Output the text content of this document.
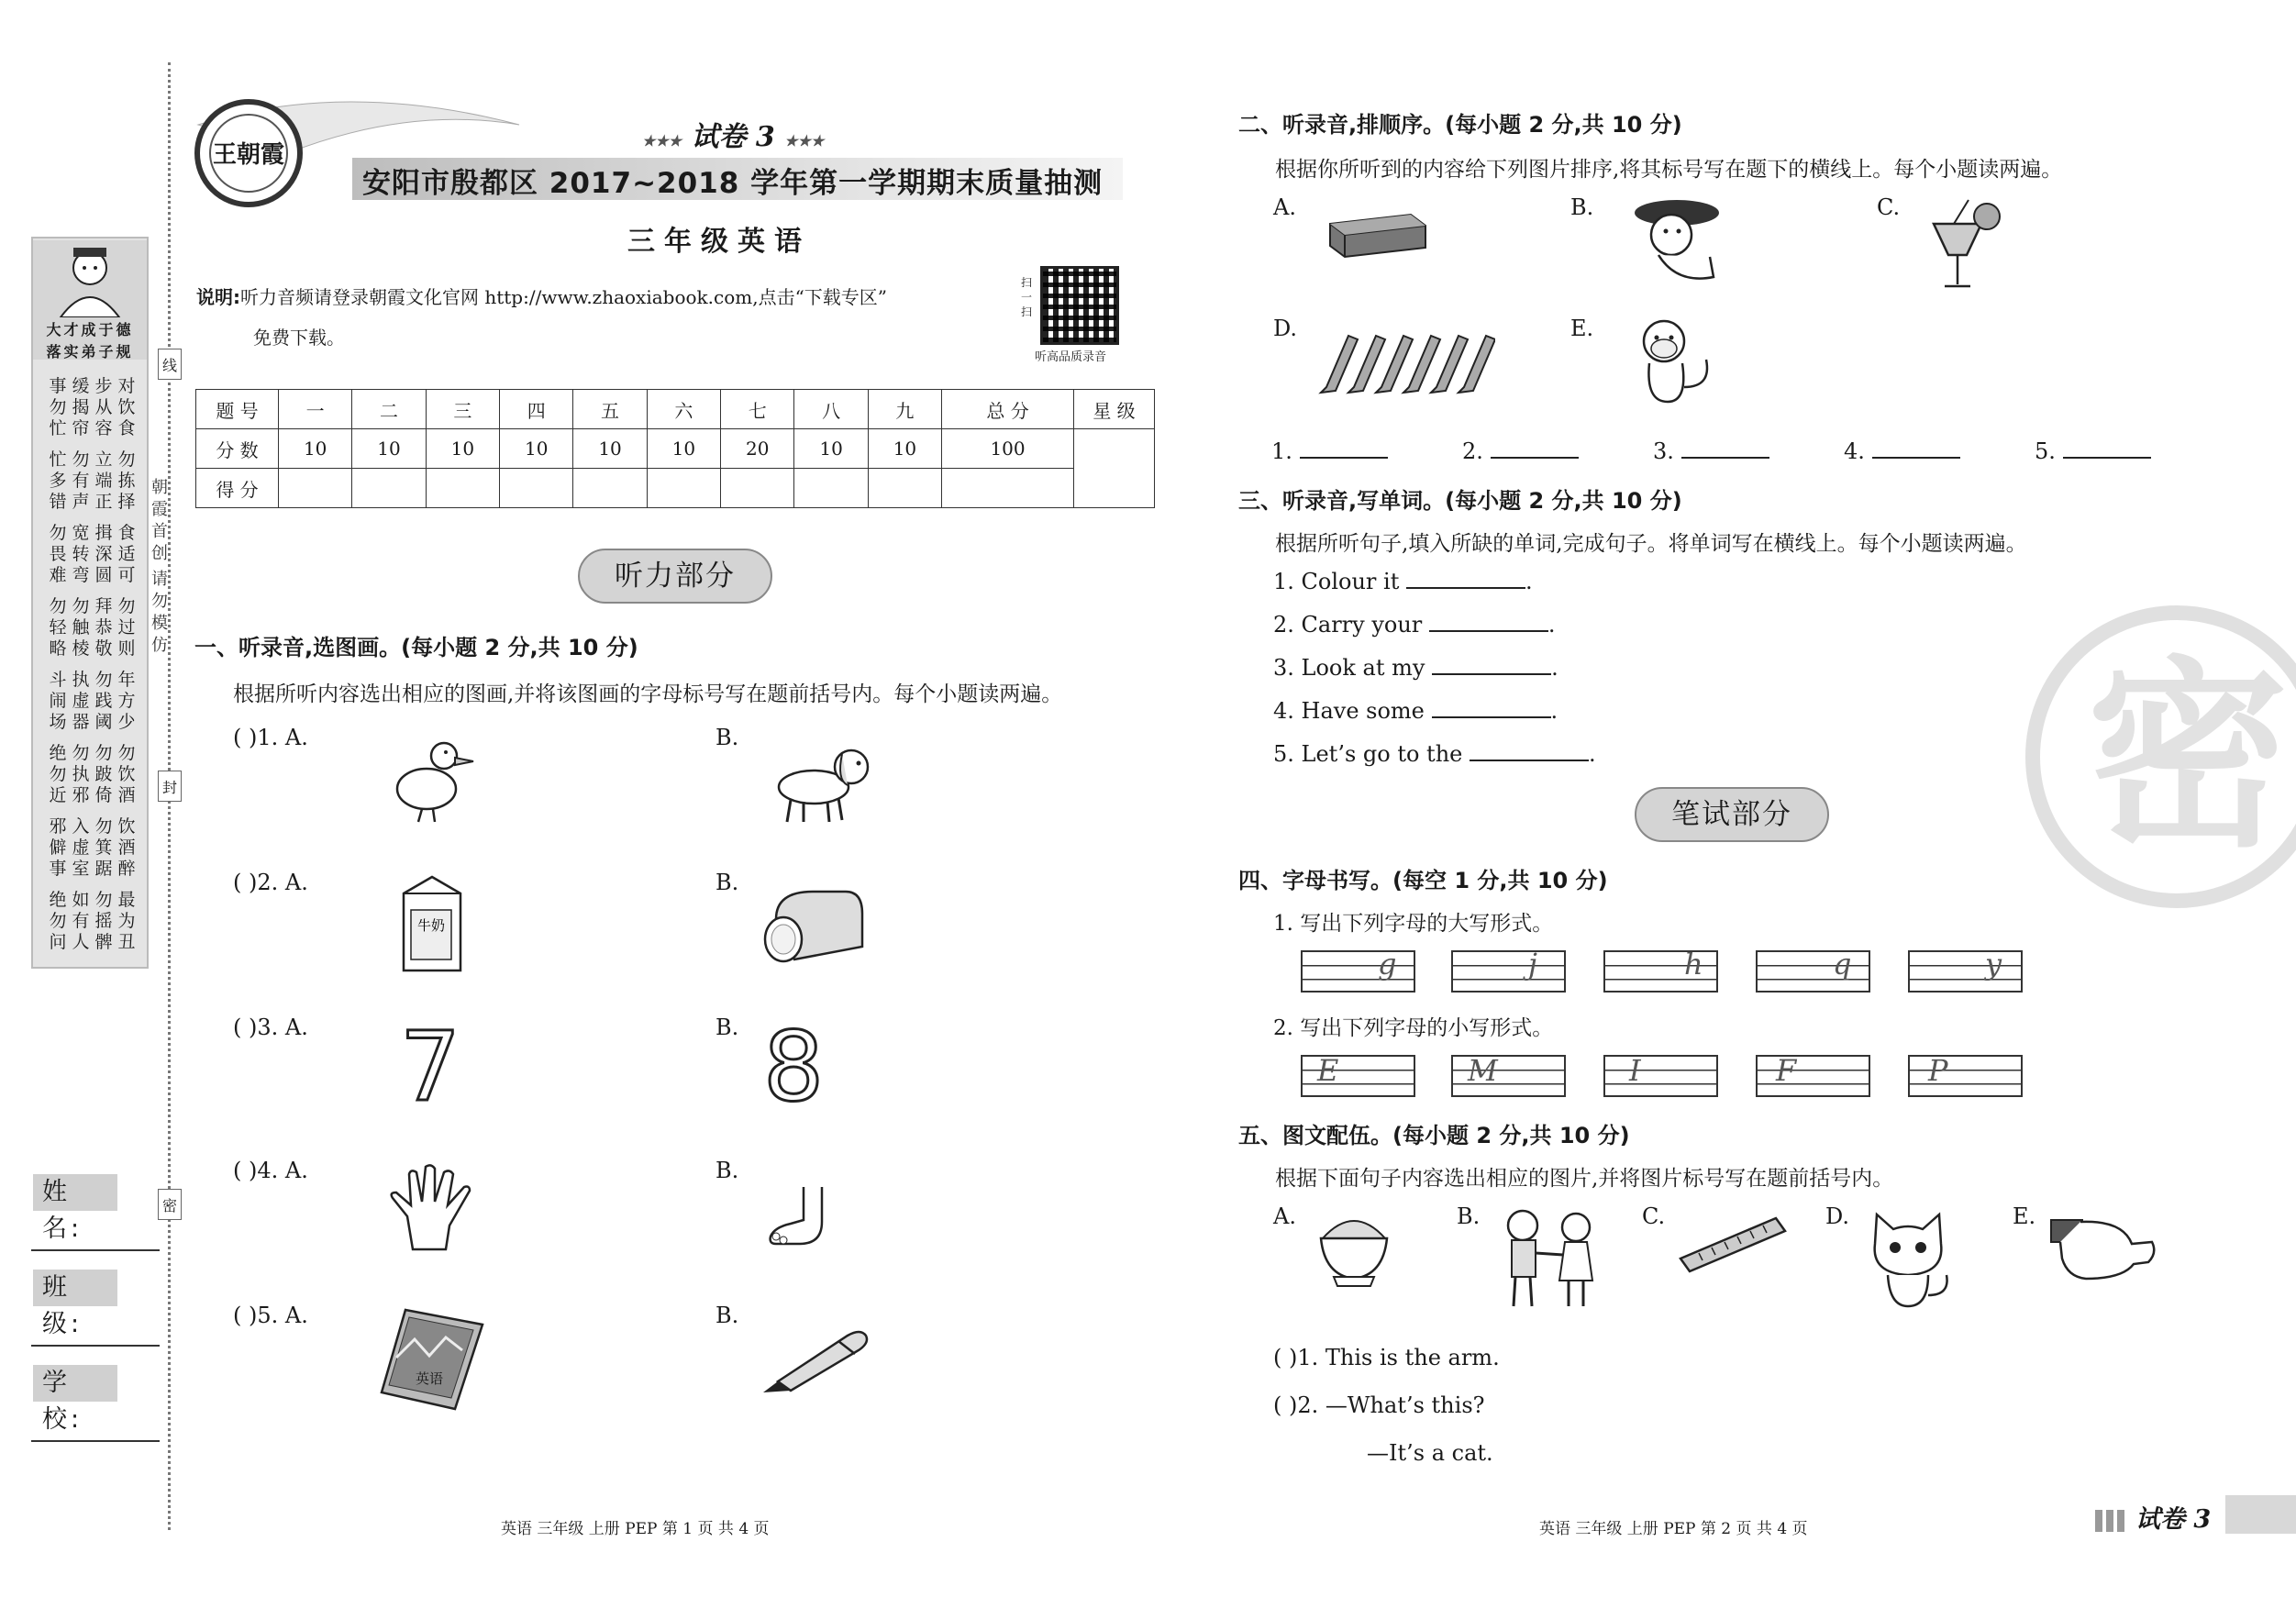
大才成于德
落实弟子规
事勿忙
缓揭帘
步从容
对饮食
忙多错
勿有声
立端正
勿拣择
勿畏难
宽转弯
揖深圆
食适可
勿轻略
勿触棱
拜恭敬
勿过则
斗闹场
执虚器
勿践阈
年方少
绝勿近
勿执邪
勿跛倚
勿饮酒
邪僻事
入虚室
勿箕踞
饮酒醉
绝勿问
如有人
勿摇髀
最为丑
线
封
密
朝霞首创
请勿模仿
姓 名:
班 级:
学 校:
王朝霞
★★★ 试卷 3 ★★★
安阳市殷都区 2017~2018 学年第一学期期末质量抽测
三年级英语
说明:听力音频请登录朝霞文化官网 http://www.zhaoxiabook.com,点击“下载专区”
免费下载。
扫一扫
听高品质录音
题 号	一	二	三	四	五	六	七	八	九	总 分	星 级
分 数	10	10	10	10	10	10	20	10	10	100	
得 分											
听力部分
一、听录音,选图画。(每小题 2 分,共 10 分)
根据所听内容选出相应的图画,并将该图画的字母标号写在题前括号内。每个小题读两遍。
( )1. A.	B.
( )2. A.	B.
牛奶
( )3. A.	B.
7	8
( )4. A.	B.
( )5. A.	B.
英语
英语 三年级 上册 PEP 第 1 页 共 4 页
密
二、听录音,排顺序。(每小题 2 分,共 10 分)
根据你所听到的内容给下列图片排序,将其标号写在题下的横线上。每个小题读两遍。
A.	B.	C.
D.	E.
1.	2.	3.	4.	5.
三、听录音,写单词。(每小题 2 分,共 10 分)
根据所听句子,填入所缺的单词,完成句子。将单词写在横线上。每个小题读两遍。
1. Colour it	.
2. Carry your	.
3. Look at my	.
4. Have some	.
5. Let’s go to the	.
笔试部分
四、字母书写。(每空 1 分,共 10 分)
1. 写出下列字母的大写形式。
g	j	h	q	y
2. 写出下列字母的小写形式。
E	M	I	F	P
五、图文配伍。(每小题 2 分,共 10 分)
根据下面句子内容选出相应的图片,并将图片标号写在题前括号内。
A.	B.	C.	D.	E.
( )1. This is the arm.
( )2. —What’s this?
—It’s a cat.
英语 三年级 上册 PEP 第 2 页 共 4 页	试卷 3
